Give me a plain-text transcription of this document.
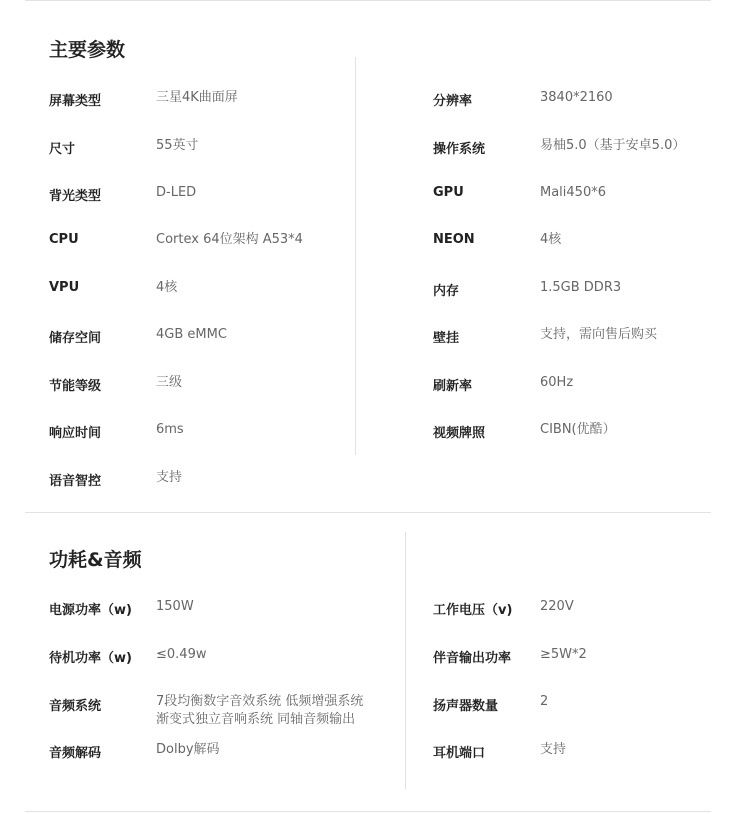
主要参数
屏幕类型	三星4K曲面屏
尺寸	55英寸
背光类型	D-LED
CPU	Cortex 64位架构 A53*4
VPU	4核
储存空间	4GB eMMC
节能等级	三级
响应时间	6ms
语音智控	支持
分辨率	3840*2160
操作系统	易柚5.0（基于安卓5.0）
GPU	Mali450*6
NEON	4核
内存	1.5GB DDR3
壁挂	支持，需向售后购买
刷新率	60Hz
视频牌照	CIBN(优酷）
功耗&音频
电源功率（w) 150W
待机功率（w) ≤0.49w
音频系统	7段均衡数字音效系统 低频增强系统
渐变式独立音响系统 同轴音频输出
音频解码	Dolby解码
工作电压（v) 220V
伴音输出功率 ≥5W*2
扬声器数量	2
耳机端口	支持
